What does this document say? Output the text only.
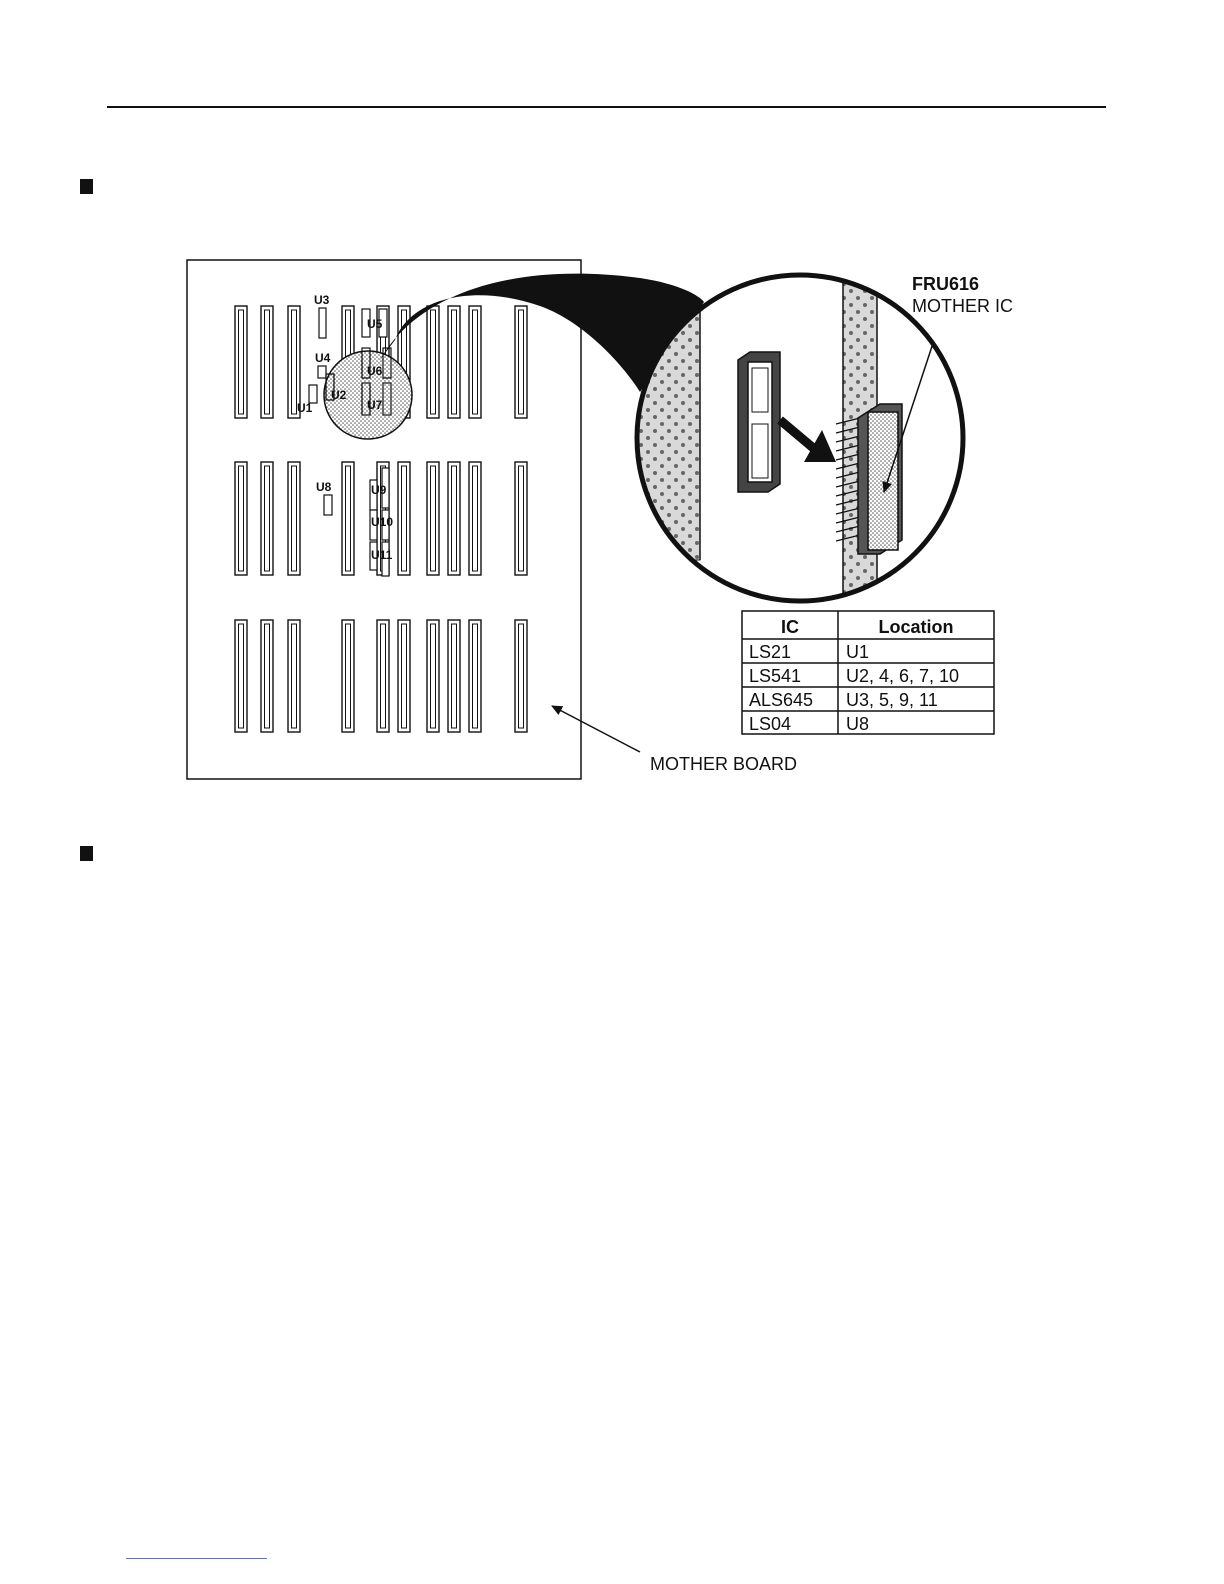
U3
U5
U4
U6
U2
U7
U1
U8	U9
U10
U11
FRU616
MOTHER IC
MOTHER BOARD
IC	Location
LS21	U1
LS541 U2, 4, 6, 7, 10
ALS645 U3, 5, 9, 11
LS04	U8
